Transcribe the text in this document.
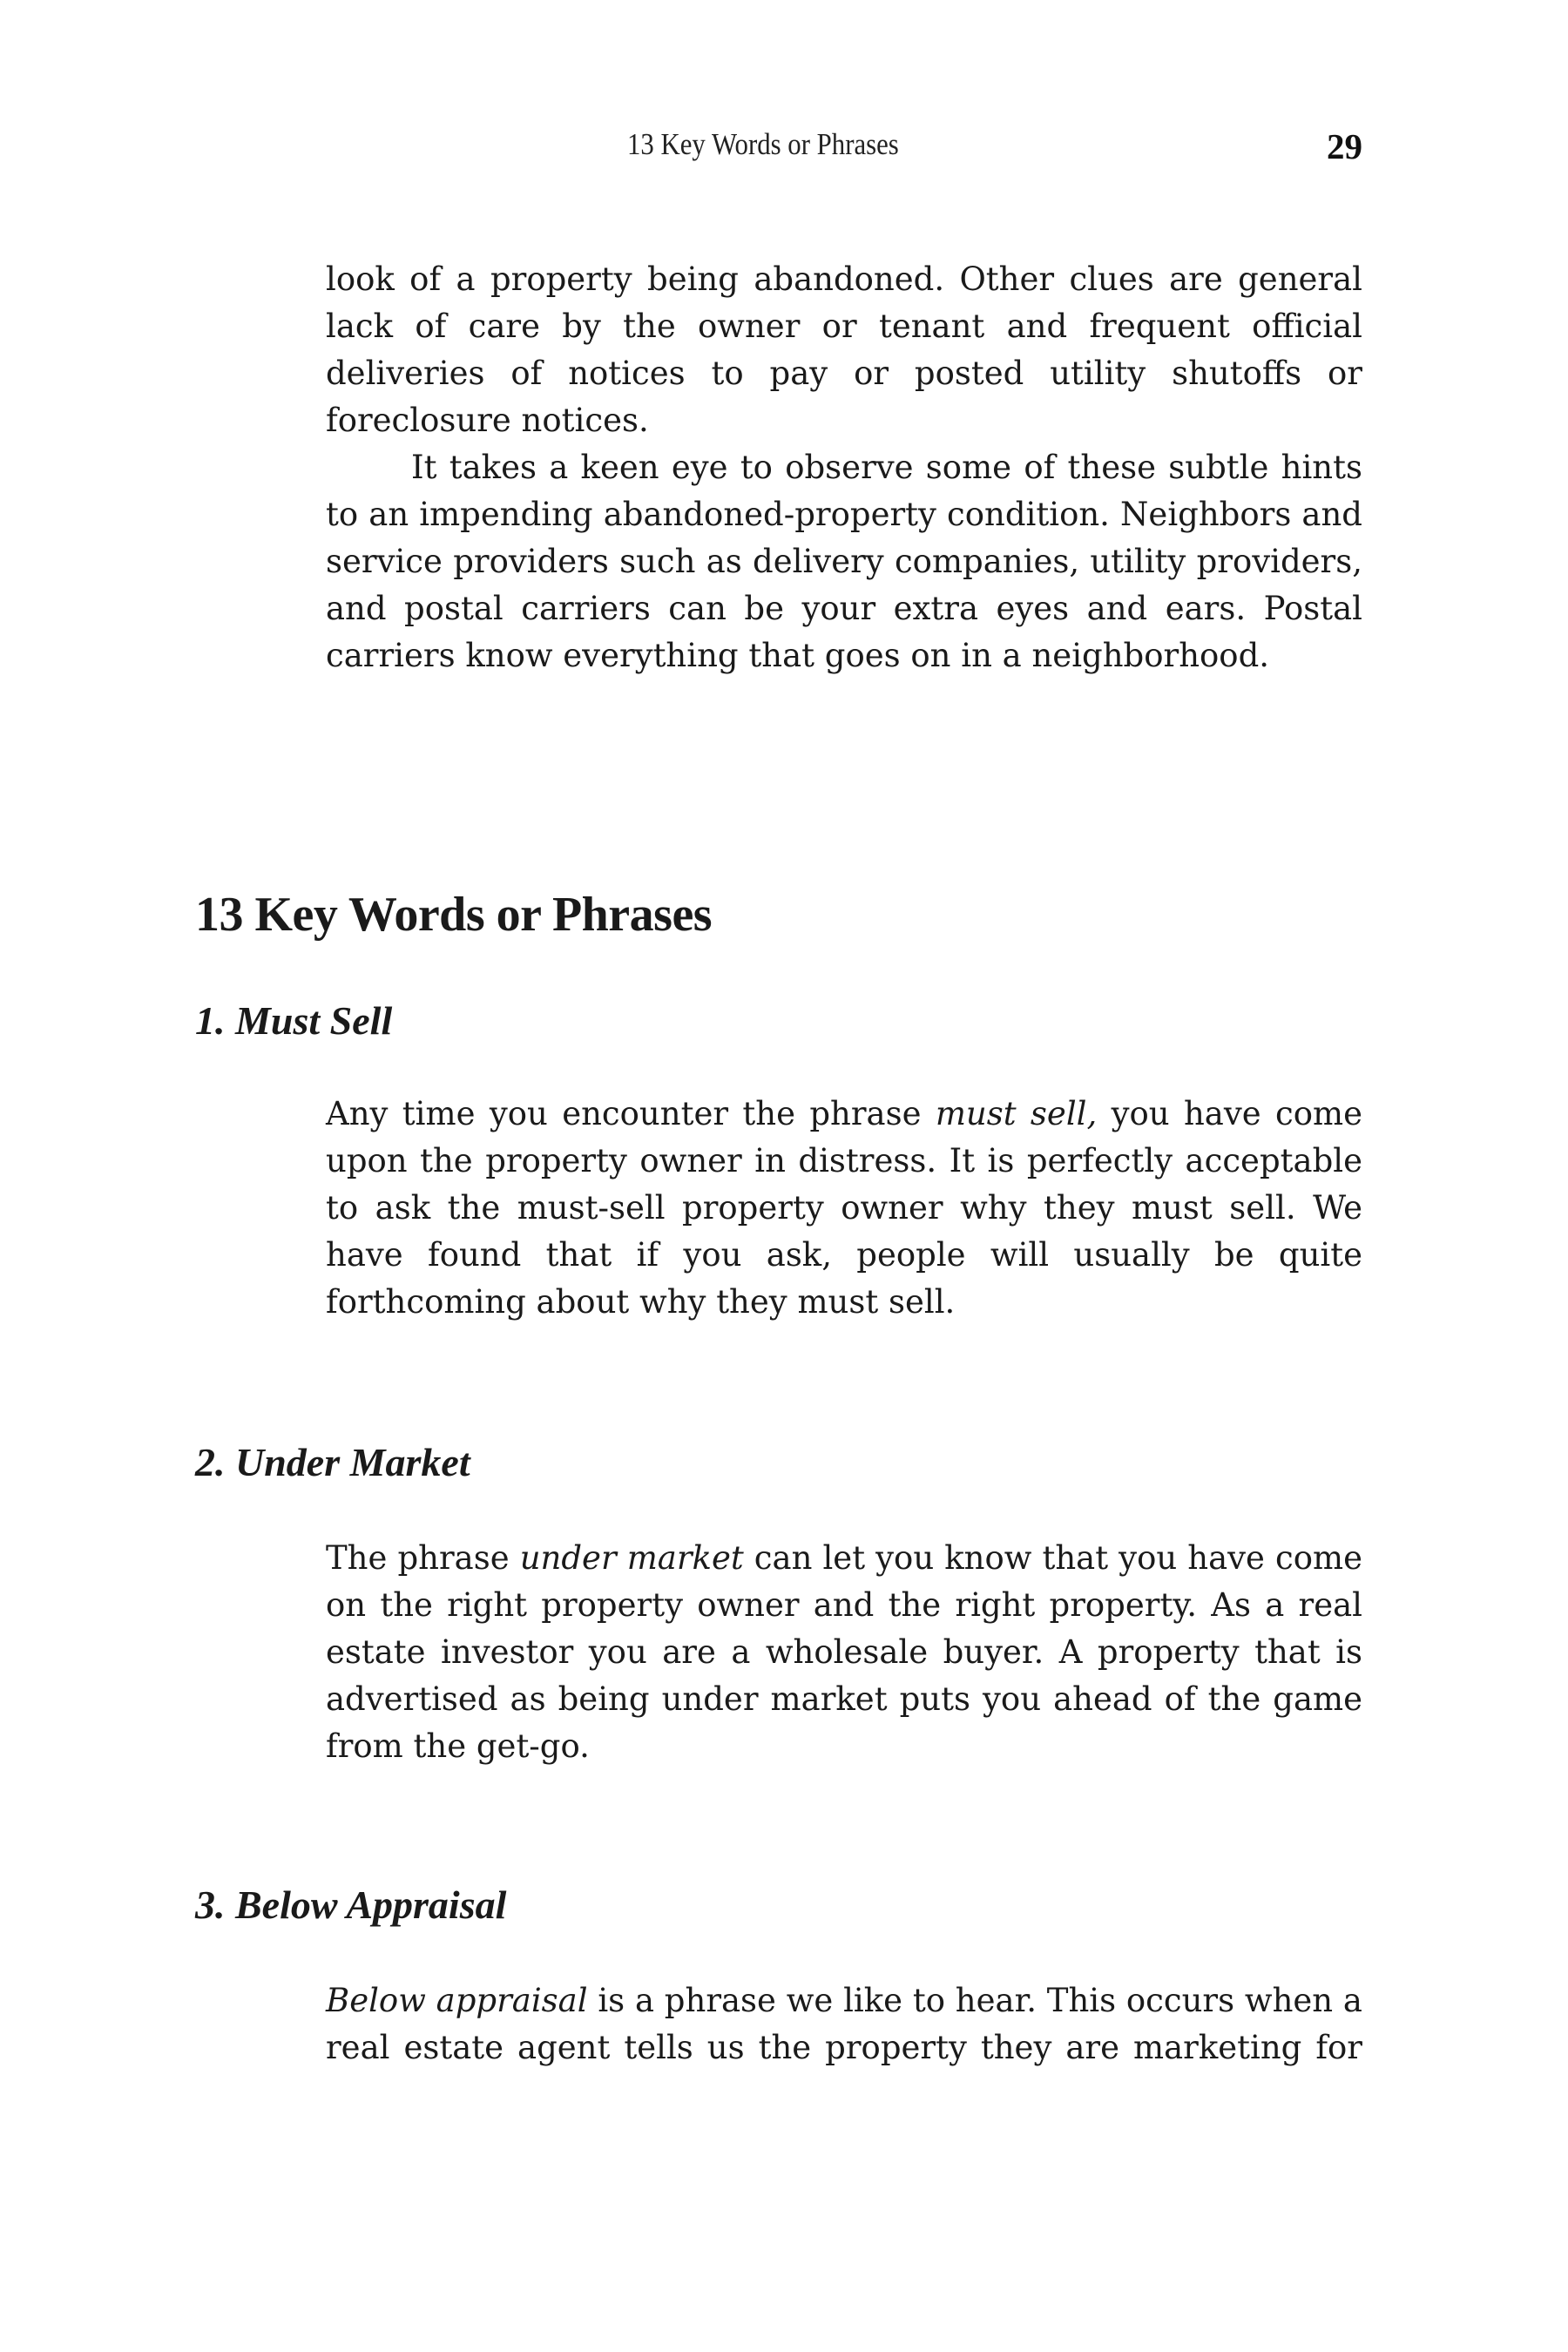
13 Key Words or Phrases	29

look of a property being abandoned. Other clues are general lack of care by the owner or tenant and frequent official deliveries of notices to pay or posted utility shutoffs or foreclosure notices.

It takes a keen eye to observe some of these subtle hints to an impending abandoned-property condition. Neighbors and service providers such as delivery companies, utility providers, and postal carriers can be your extra eyes and ears. Postal carriers know everything that goes on in a neighborhood.

13 Key Words or Phrases
1. Must Sell

Any time you encounter the phrase must sell, you have come upon the property owner in distress. It is perfectly acceptable to ask the must-sell property owner why they must sell. We have found that if you ask, people will usually be quite forthcoming about why they must sell.

2. Under Market

The phrase under market can let you know that you have come on the right property owner and the right property. As a real estate investor you are a wholesale buyer. A property that is advertised as being under market puts you ahead of the game from the get-go.

3. Below Appraisal

Below appraisal is a phrase we like to hear. This occurs when a real estate agent tells us the property they are marketing for
